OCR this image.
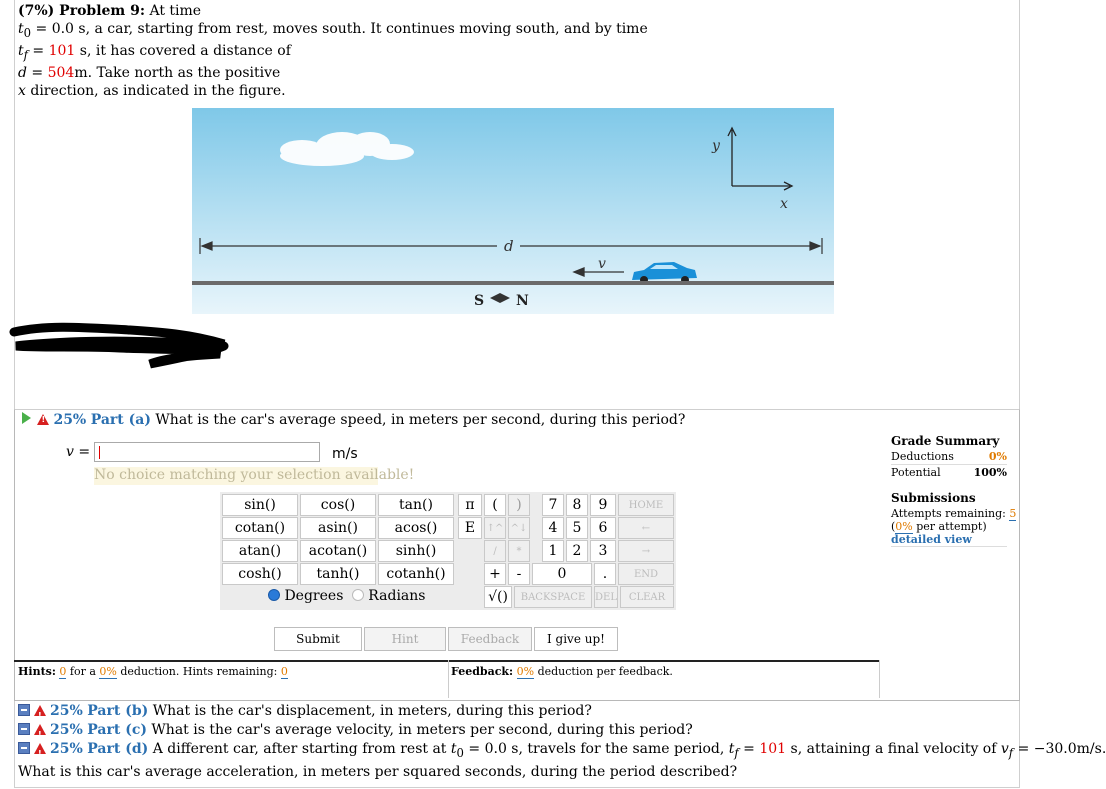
(7%) Problem 9: At time
$t_0 = 0.0$ s, a car, starting from rest, moves south. It continues moving south, and by time
$t_f = 101$ s, it has covered a distance of
d = 504m. Take north as the positive
x direction, as indicated in the figure.
y
x
d
v
S N
!25% Part (a) What is the car's average speed, in meters per second, during this period?
v =	m/s
No choice matching your selection available!
sin()	cos()	tan()
cotan()	asin()	acos()
atan()	acotan()	sinh()
cosh()	tanh()	cotanh()
Degrees Radians
π	(	)	7	8	9	HOME
E	↑^ ^↓	4	5	6	←
/	*	1	2	3	→
+	-	0	.	END
√()	BACKSPACE DEL	CLEAR
Submit	Hint	Feedback	I give up!
Hints: 0 for a 0% deduction. Hints remaining: 0	Feedback: 0% deduction per feedback.
Grade Summary
Deductions	0%
Potential	100%
Submissions
Attempts remaining: 5
(0% per attempt)
detailed view
!25% Part (b) What is the car's displacement, in meters, during this period?
!25% Part (c) What is the car's average velocity, in meters per second, during this period?
!25% Part (d) A different car, after starting from rest at $t_0 = 0.0$ s, travels for the same period, $t_f = 101$ s, attaining a final velocity of $v_f = -30.0m/s$.
What is this car's average acceleration, in meters per squared seconds, during the period described?
